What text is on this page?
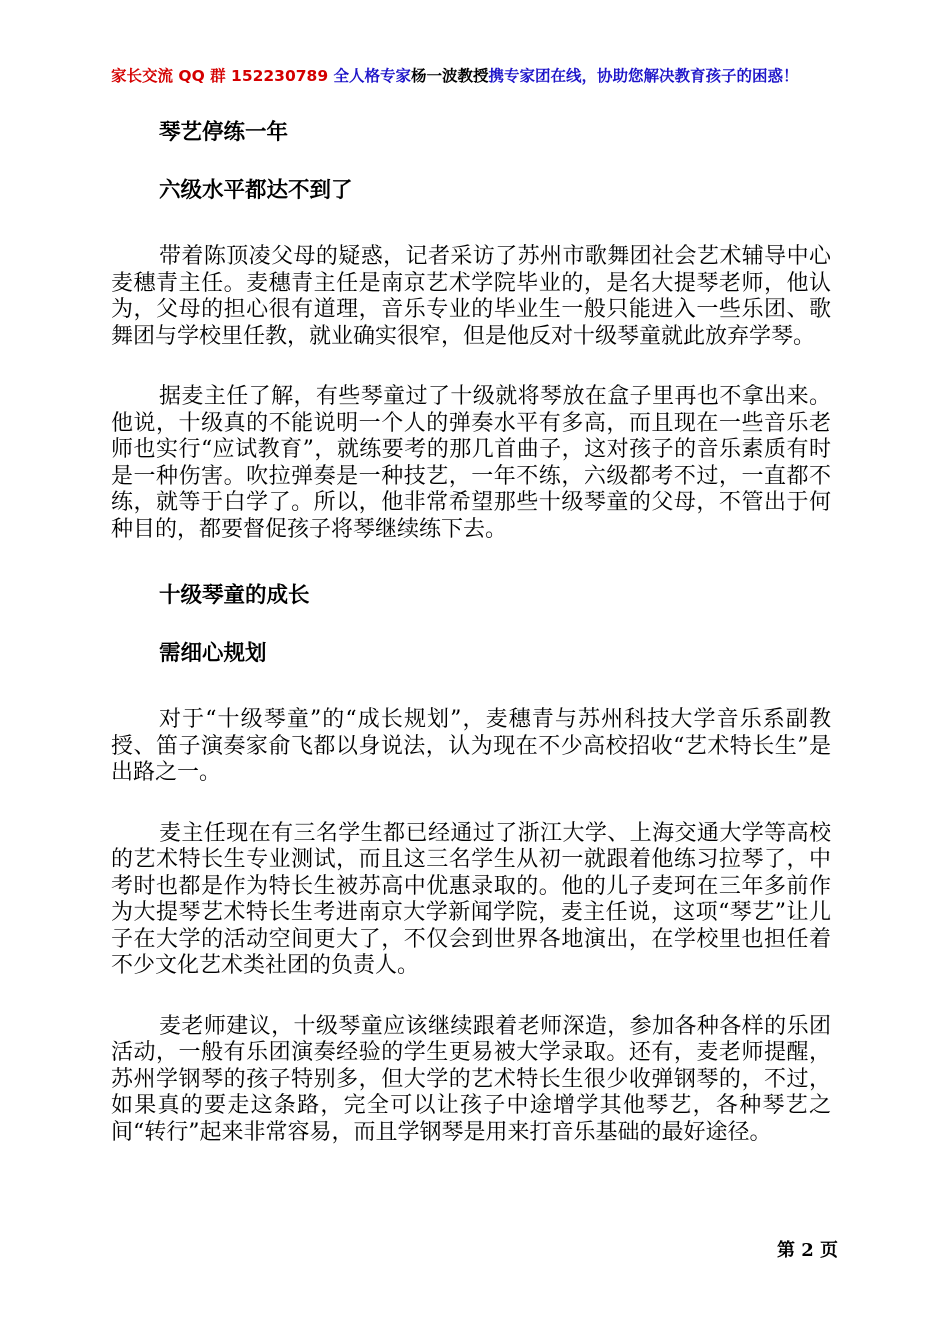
家长交流 QQ 群 152230789 全人格专家杨一波教授携专家团在线，协助您解决教育孩子的困惑！
琴艺停练一年
六级水平都达不到了

带着陈顶凌父母的疑惑，记者采访了苏州市歌舞团社会艺术辅导中心麦穗青主任。麦穗青主任是南京艺术学院毕业的，是名大提琴老师，他认为，父母的担心很有道理，音乐专业的毕业生一般只能进入一些乐团、歌舞团与学校里任教，就业确实很窄，但是他反对十级琴童就此放弃学琴。

据麦主任了解，有些琴童过了十级就将琴放在盒子里再也不拿出来。他说，十级真的不能说明一个人的弹奏水平有多高，而且现在一些音乐老师也实行“应试教育”，就练要考的那几首曲子，这对孩子的音乐素质有时是一种伤害。吹拉弹奏是一种技艺，一年不练，六级都考不过，一直都不练，就等于白学了。所以，他非常希望那些十级琴童的父母，不管出于何种目的，都要督促孩子将琴继续练下去。

十级琴童的成长
需细心规划

对于“十级琴童”的“成长规划”，麦穗青与苏州科技大学音乐系副教授、笛子演奏家俞飞都以身说法，认为现在不少高校招收“艺术特长生”是出路之一。

麦主任现在有三名学生都已经通过了浙江大学、上海交通大学等高校的艺术特长生专业测试，而且这三名学生从初一就跟着他练习拉琴了，中考时也都是作为特长生被苏高中优惠录取的。他的儿子麦珂在三年多前作为大提琴艺术特长生考进南京大学新闻学院，麦主任说，这项“琴艺”让儿子在大学的活动空间更大了，不仅会到世界各地演出，在学校里也担任着不少文化艺术类社团的负责人。

麦老师建议，十级琴童应该继续跟着老师深造，参加各种各样的乐团活动，一般有乐团演奏经验的学生更易被大学录取。还有，麦老师提醒，苏州学钢琴的孩子特别多，但大学的艺术特长生很少收弹钢琴的，不过，如果真的要走这条路，完全可以让孩子中途增学其他琴艺，各种琴艺之间“转行”起来非常容易，而且学钢琴是用来打音乐基础的最好途径。

第 2 页
